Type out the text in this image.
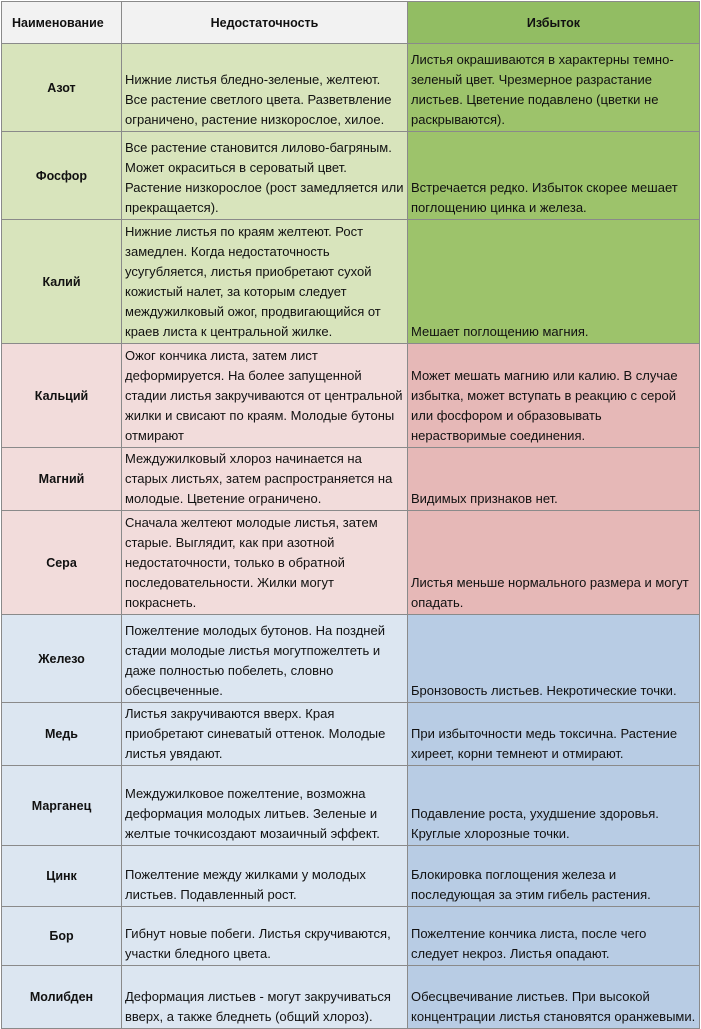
Наименование	Недостаточность	Избыток
Азот	Нижние листья бледно-зеленые, желтеют. Все растение светлого цвета. Разветвление ограничено, растение низкорослое, хилое.	Листья окрашиваются в характерны темно-зеленый цвет. Чрезмерное разрастание листьев. Цветение подавлено (цветки не раскрываются).
Фосфор	Все растение становится лилово-багряным. Может окраситься в сероватый цвет. Растение низкорослое (рост замедляется или прекращается).	Встречается редко. Избыток скорее мешает поглощению цинка и железа.
Калий	Нижние листья по краям желтеют. Рост замедлен. Когда недостаточность усугубляется, листья приобретают сухой кожистый налет, за которым следует междужилковый ожог, продвигающийся от краев листа к центральной жилке.	Мешает поглощению магния.
Кальций	Ожог кончика листа, затем лист деформируется. На более запущенной стадии листья закручиваются от центральной жилки и свисают по краям. Молодые бутоны отмирают	Может мешать магнию или калию. В случае избытка, может вступать в реакцию с серой или фосфором и образовывать нерастворимые соединения.
Магний	Междужилковый хлороз начинается на старых листьях, затем распространяется на молодые. Цветение ограничено.	Видимых признаков нет.
Сера	Сначала желтеют молодые листья, затем старые. Выглядит, как при азотной недостаточности, только в обратной последовательности. Жилки могут покраснеть.	Листья меньше нормального размера и могут опадать.
Железо	Пожелтение молодых бутонов. На поздней стадии молодые листья могутпожелтеть и даже полностью побелеть, словно обесцвеченные.	Бронзовость листьев. Некротические точки.
Медь	Листья закручиваются вверх. Края приобретают синеватый оттенок. Молодые листья увядают.	При избыточности медь токсична. Растение хиреет, корни темнеют и отмирают.
Марганец	Междужилковое пожелтение, возможна деформация молодых литьев. Зеленые и желтые точкисоздают мозаичный эффект.	Подавление роста, ухудшение здоровья. Круглые хлорозные точки.
Цинк	Пожелтение между жилками у молодых листьев. Подавленный рост.	Блокировка поглощения железа и последующая за этим гибель растения.
Бор	Гибнут новые побеги. Листья скручиваются, участки бледного цвета.	Пожелтение кончика листа, после чего следует некроз. Листья опадают.
Молибден	Деформация листьев - могут закручиваться вверх, а также бледнеть (общий хлороз).	Обесцвечивание листьев. При высокой концентрации листья становятся оранжевыми.
